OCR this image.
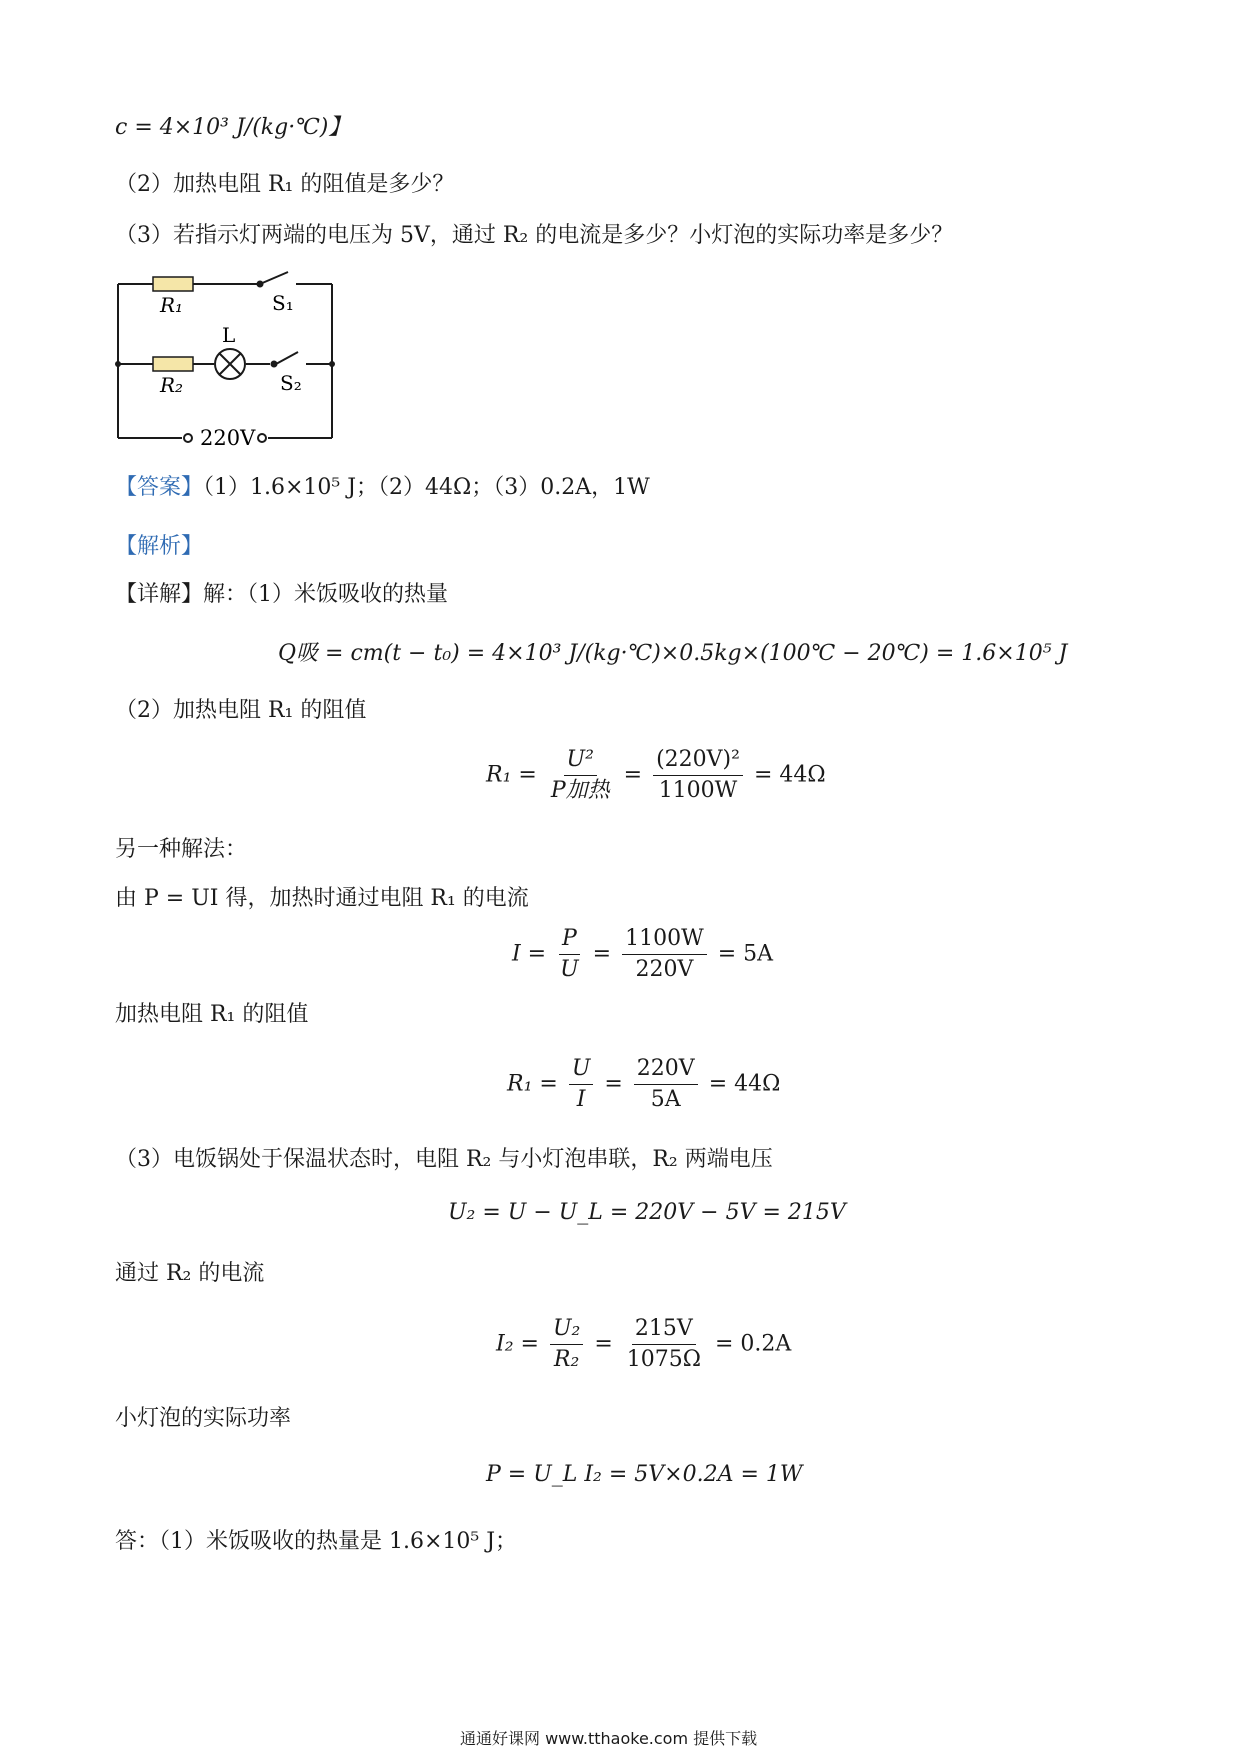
c = 4×10³ J/(kg·℃)】
（2）加热电阻 R₁ 的阻值是多少？
（3）若指示灯两端的电压为 5V，通过 R₂ 的电流是多少？小灯泡的实际功率是多少？
R₁	S₁
L
R₂	S₂
220V
【答案】（1）1.6×10⁵ J；（2）44Ω；（3）0.2A，1W
【解析】
【详解】解：（1）米饭吸收的热量
Q吸 = cm(t − t₀) = 4×10³ J/(kg·℃)×0.5kg×(100℃ − 20℃) = 1.6×10⁵ J
（2）加热电阻 R₁ 的阻值
$R_1 = \frac{\text{U²}}{\text{P加热}} = \frac{\text{(220V)²}}{1100W} = 44\Omega$
另一种解法：
由 P = UI 得，加热时通过电阻 R₁ 的电流
$I = \frac{P}{U} = \frac{1100W}{220V} = 5A$
加热电阻 R₁ 的阻值
$R_1 = \frac{U}{I} = \frac{220V}{5A} = 44\Omega$
（3）电饭锅处于保温状态时，电阻 R₂ 与小灯泡串联，R₂ 两端电压
U₂ = U − U_L = 220V − 5V = 215V
通过 R₂ 的电流
$I_2 = \frac{\text{U₂}}{\text{R₂}} = \frac{215V}{1075\Omega} = 0.2A$
小灯泡的实际功率
P = U_L I₂ = 5V×0.2A = 1W
答：（1）米饭吸收的热量是 1.6×10⁵ J；
通通好课网 www.tthaoke.com 提供下载
